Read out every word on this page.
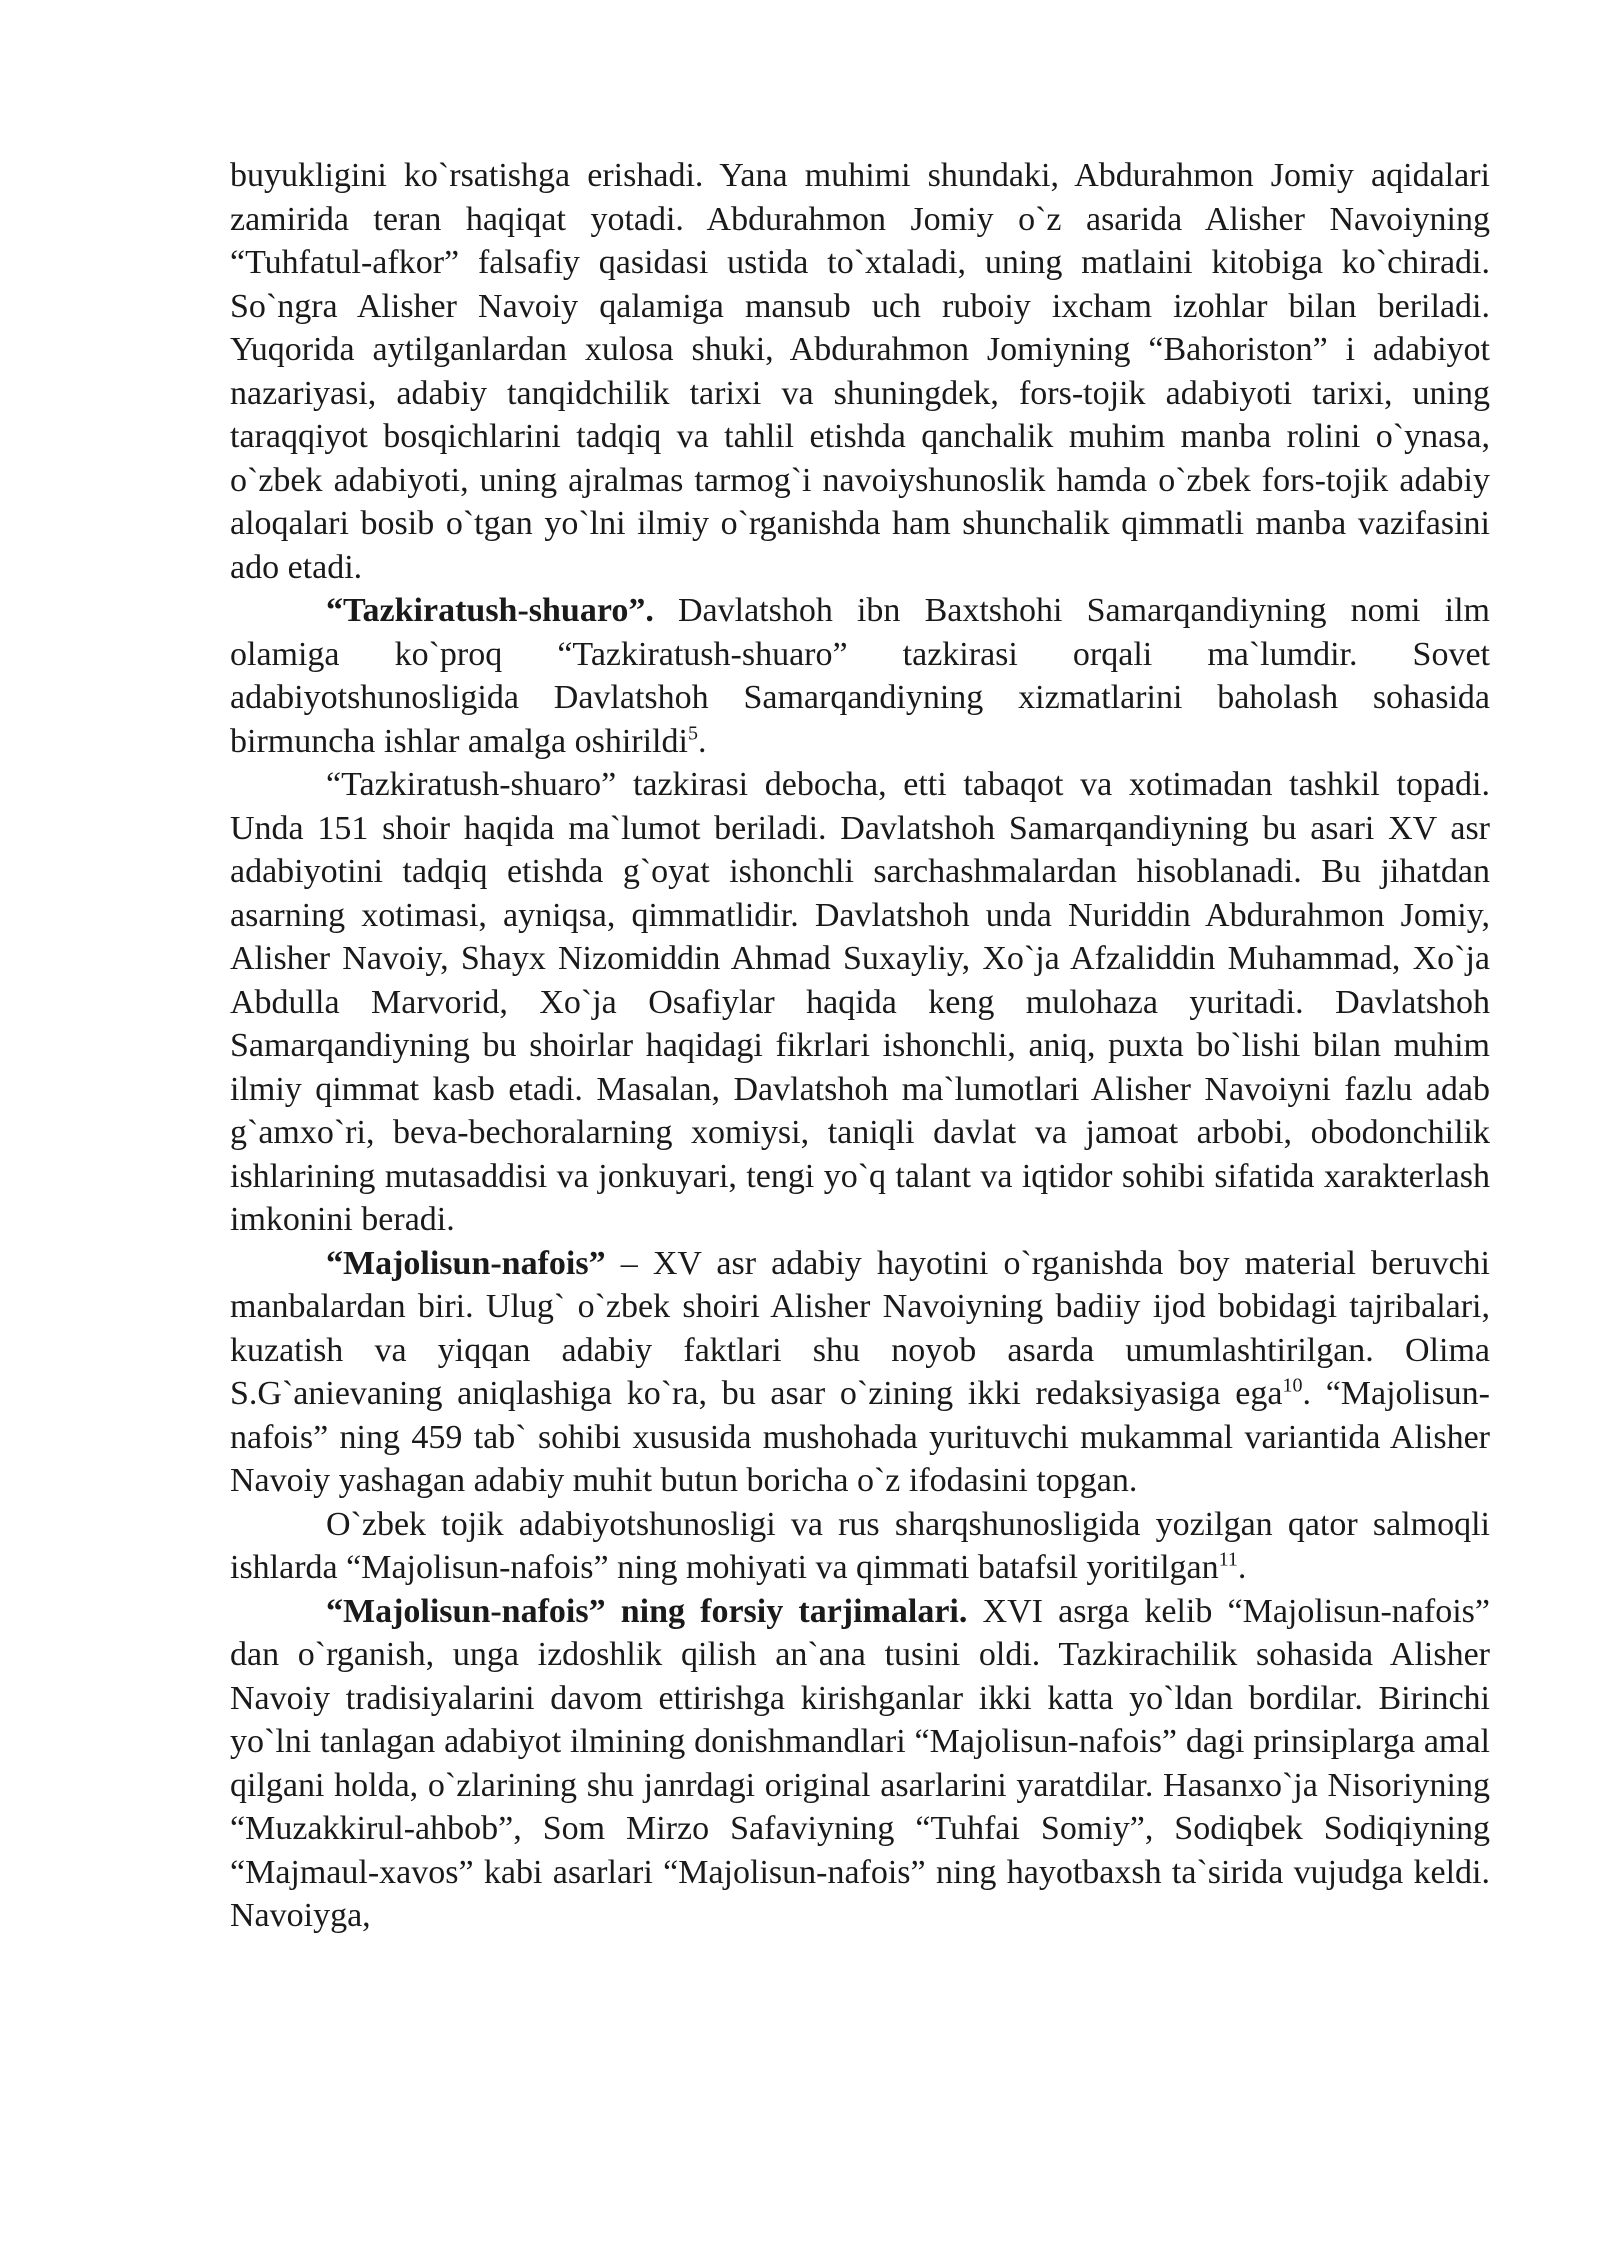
buyukligini ko`rsatishga erishadi. Yana muhimi shundaki, Abdurahmon Jomiy aqidalari zamirida teran haqiqat yotadi. Abdurahmon Jomiy o`z asarida Alisher Navoiyning “Tuhfatul-afkor” falsafiy qasidasi ustida to`xtaladi, uning matlaini kitobiga ko`chiradi. So`ngra Alisher Navoiy qalamiga mansub uch ruboiy ixcham izohlar bilan beriladi. Yuqorida aytilganlardan xulosa shuki, Abdurahmon Jomiyning “Bahoriston” i adabiyot nazariyasi, adabiy tanqidchilik tarixi va shuningdek, fors-tojik adabiyoti tarixi, uning taraqqiyot bosqichlarini tadqiq va tahlil etishda qanchalik muhim manba rolini o`ynasa, o`zbek adabiyoti, uning ajralmas tarmog`i navoiyshunoslik hamda o`zbek fors-tojik adabiy aloqalari bosib o`tgan yo`lni ilmiy o`rganishda ham shunchalik qimmatli manba vazifasini ado etadi.

“Tazkiratush-shuaro”. Davlatshoh ibn Baxtshohi Samarqandiyning nomi ilm olamiga ko`proq “Tazkiratush-shuaro” tazkirasi orqali ma`lumdir. Sovet adabiyotshunosligida Davlatshoh Samarqandiyning xizmatlarini baholash sohasida birmuncha ishlar amalga oshirildi$^5$.

“Tazkiratush-shuaro” tazkirasi debocha, etti tabaqot va xotimadan tashkil topadi. Unda 151 shoir haqida ma`lumot beriladi. Davlatshoh Samarqandiyning bu asari XV asr adabiyotini tadqiq etishda g`oyat ishonchli sarchashmalardan hisoblanadi. Bu jihatdan asarning xotimasi, ayniqsa, qimmatlidir. Davlatshoh unda Nuriddin Abdurahmon Jomiy, Alisher Navoiy, Shayx Nizomiddin Ahmad Suxayliy, Xo`ja Afzaliddin Muhammad, Xo`ja Abdulla Marvorid, Xo`ja Osafiylar haqida keng mulohaza yuritadi. Davlatshoh Samarqandiyning bu shoirlar haqidagi fikrlari ishonchli, aniq, puxta bo`lishi bilan muhim ilmiy qimmat kasb etadi. Masalan, Davlatshoh ma`lumotlari Alisher Navoiyni fazlu adab g`amxo`ri, beva-bechoralarning xomiysi, taniqli davlat va jamoat arbobi, obodonchilik ishlarining mutasaddisi va jonkuyari, tengi yo`q talant va iqtidor sohibi sifatida xarakterlash imkonini beradi.

“Majolisun-nafois” – XV asr adabiy hayotini o`rganishda boy material beruvchi manbalardan biri. Ulug` o`zbek shoiri Alisher Navoiyning badiiy ijod bobidagi tajribalari, kuzatish va yiqqan adabiy faktlari shu noyob asarda umumlashtirilgan. Olima S.G`anievaning aniqlashiga ko`ra, bu asar o`zining ikki redaksiyasiga ega$^{10}$. “Majolisun-nafois” ning 459 tab` sohibi xususida mushohada yurituvchi mukammal variantida Alisher Navoiy yashagan adabiy muhit butun boricha o`z ifodasini topgan.

O`zbek tojik adabiyotshunosligi va rus sharqshunosligida yozilgan qator salmoqli ishlarda “Majolisun-nafois” ning mohiyati va qimmati batafsil yoritilgan$^{11}$.

“Majolisun-nafois” ning forsiy tarjimalari. XVI asrga kelib “Majolisun-nafois” dan o`rganish, unga izdoshlik qilish an`ana tusini oldi. Tazkirachilik sohasida Alisher Navoiy tradisiyalarini davom ettirishga kirishganlar ikki katta yo`ldan bordilar. Birinchi yo`lni tanlagan adabiyot ilmining donishmandlari “Majolisun-nafois” dagi prinsiplarga amal qilgani holda, o`zlarining shu janrdagi original asarlarini yaratdilar. Hasanxo`ja Nisoriyning “Muzakkirul-ahbob”, Som Mirzo Safaviyning “Tuhfai Somiy”, Sodiqbek Sodiqiyning “Majmaul-xavos” kabi asarlari “Majolisun-nafois” ning hayotbaxsh ta`sirida vujudga keldi. Navoiyga,
